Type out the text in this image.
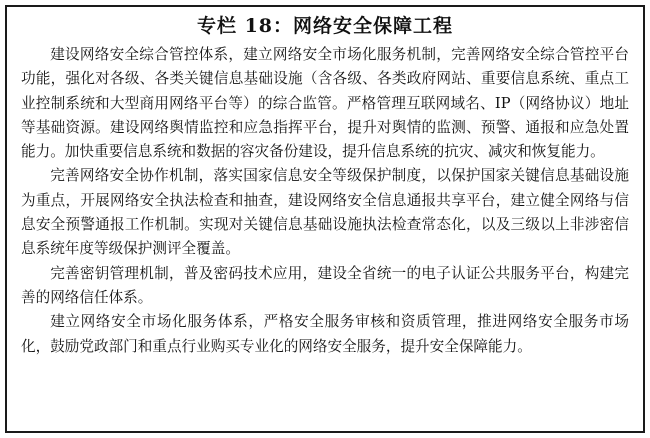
专栏 18：网络安全保障工程

建设网络安全综合管控体系，建立网络安全市场化服务机制，完善网络安全综合管控平台功能，强化对各级、各类关键信息基础设施（含各级、各类政府网站、重要信息系统、重点工业控制系统和大型商用网络平台等）的综合监管。严格管理互联网域名、IP（网络协议）地址等基础资源。建设网络舆情监控和应急指挥平台，提升对舆情的监测、预警、通报和应急处置能力。加快重要信息系统和数据的容灾备份建设，提升信息系统的抗灾、减灾和恢复能力。

完善网络安全协作机制，落实国家信息安全等级保护制度，以保护国家关键信息基础设施为重点，开展网络安全执法检查和抽查，建设网络安全信息通报共享平台，建立健全网络与信息安全预警通报工作机制。实现对关键信息基础设施执法检查常态化，以及三级以上非涉密信息系统年度等级保护测评全覆盖。

完善密钥管理机制，普及密码技术应用，建设全省统一的电子认证公共服务平台，构建完善的网络信任体系。

建立网络安全市场化服务体系，严格安全服务审核和资质管理，推进网络安全服务市场化，鼓励党政部门和重点行业购买专业化的网络安全服务，提升安全保障能力。
